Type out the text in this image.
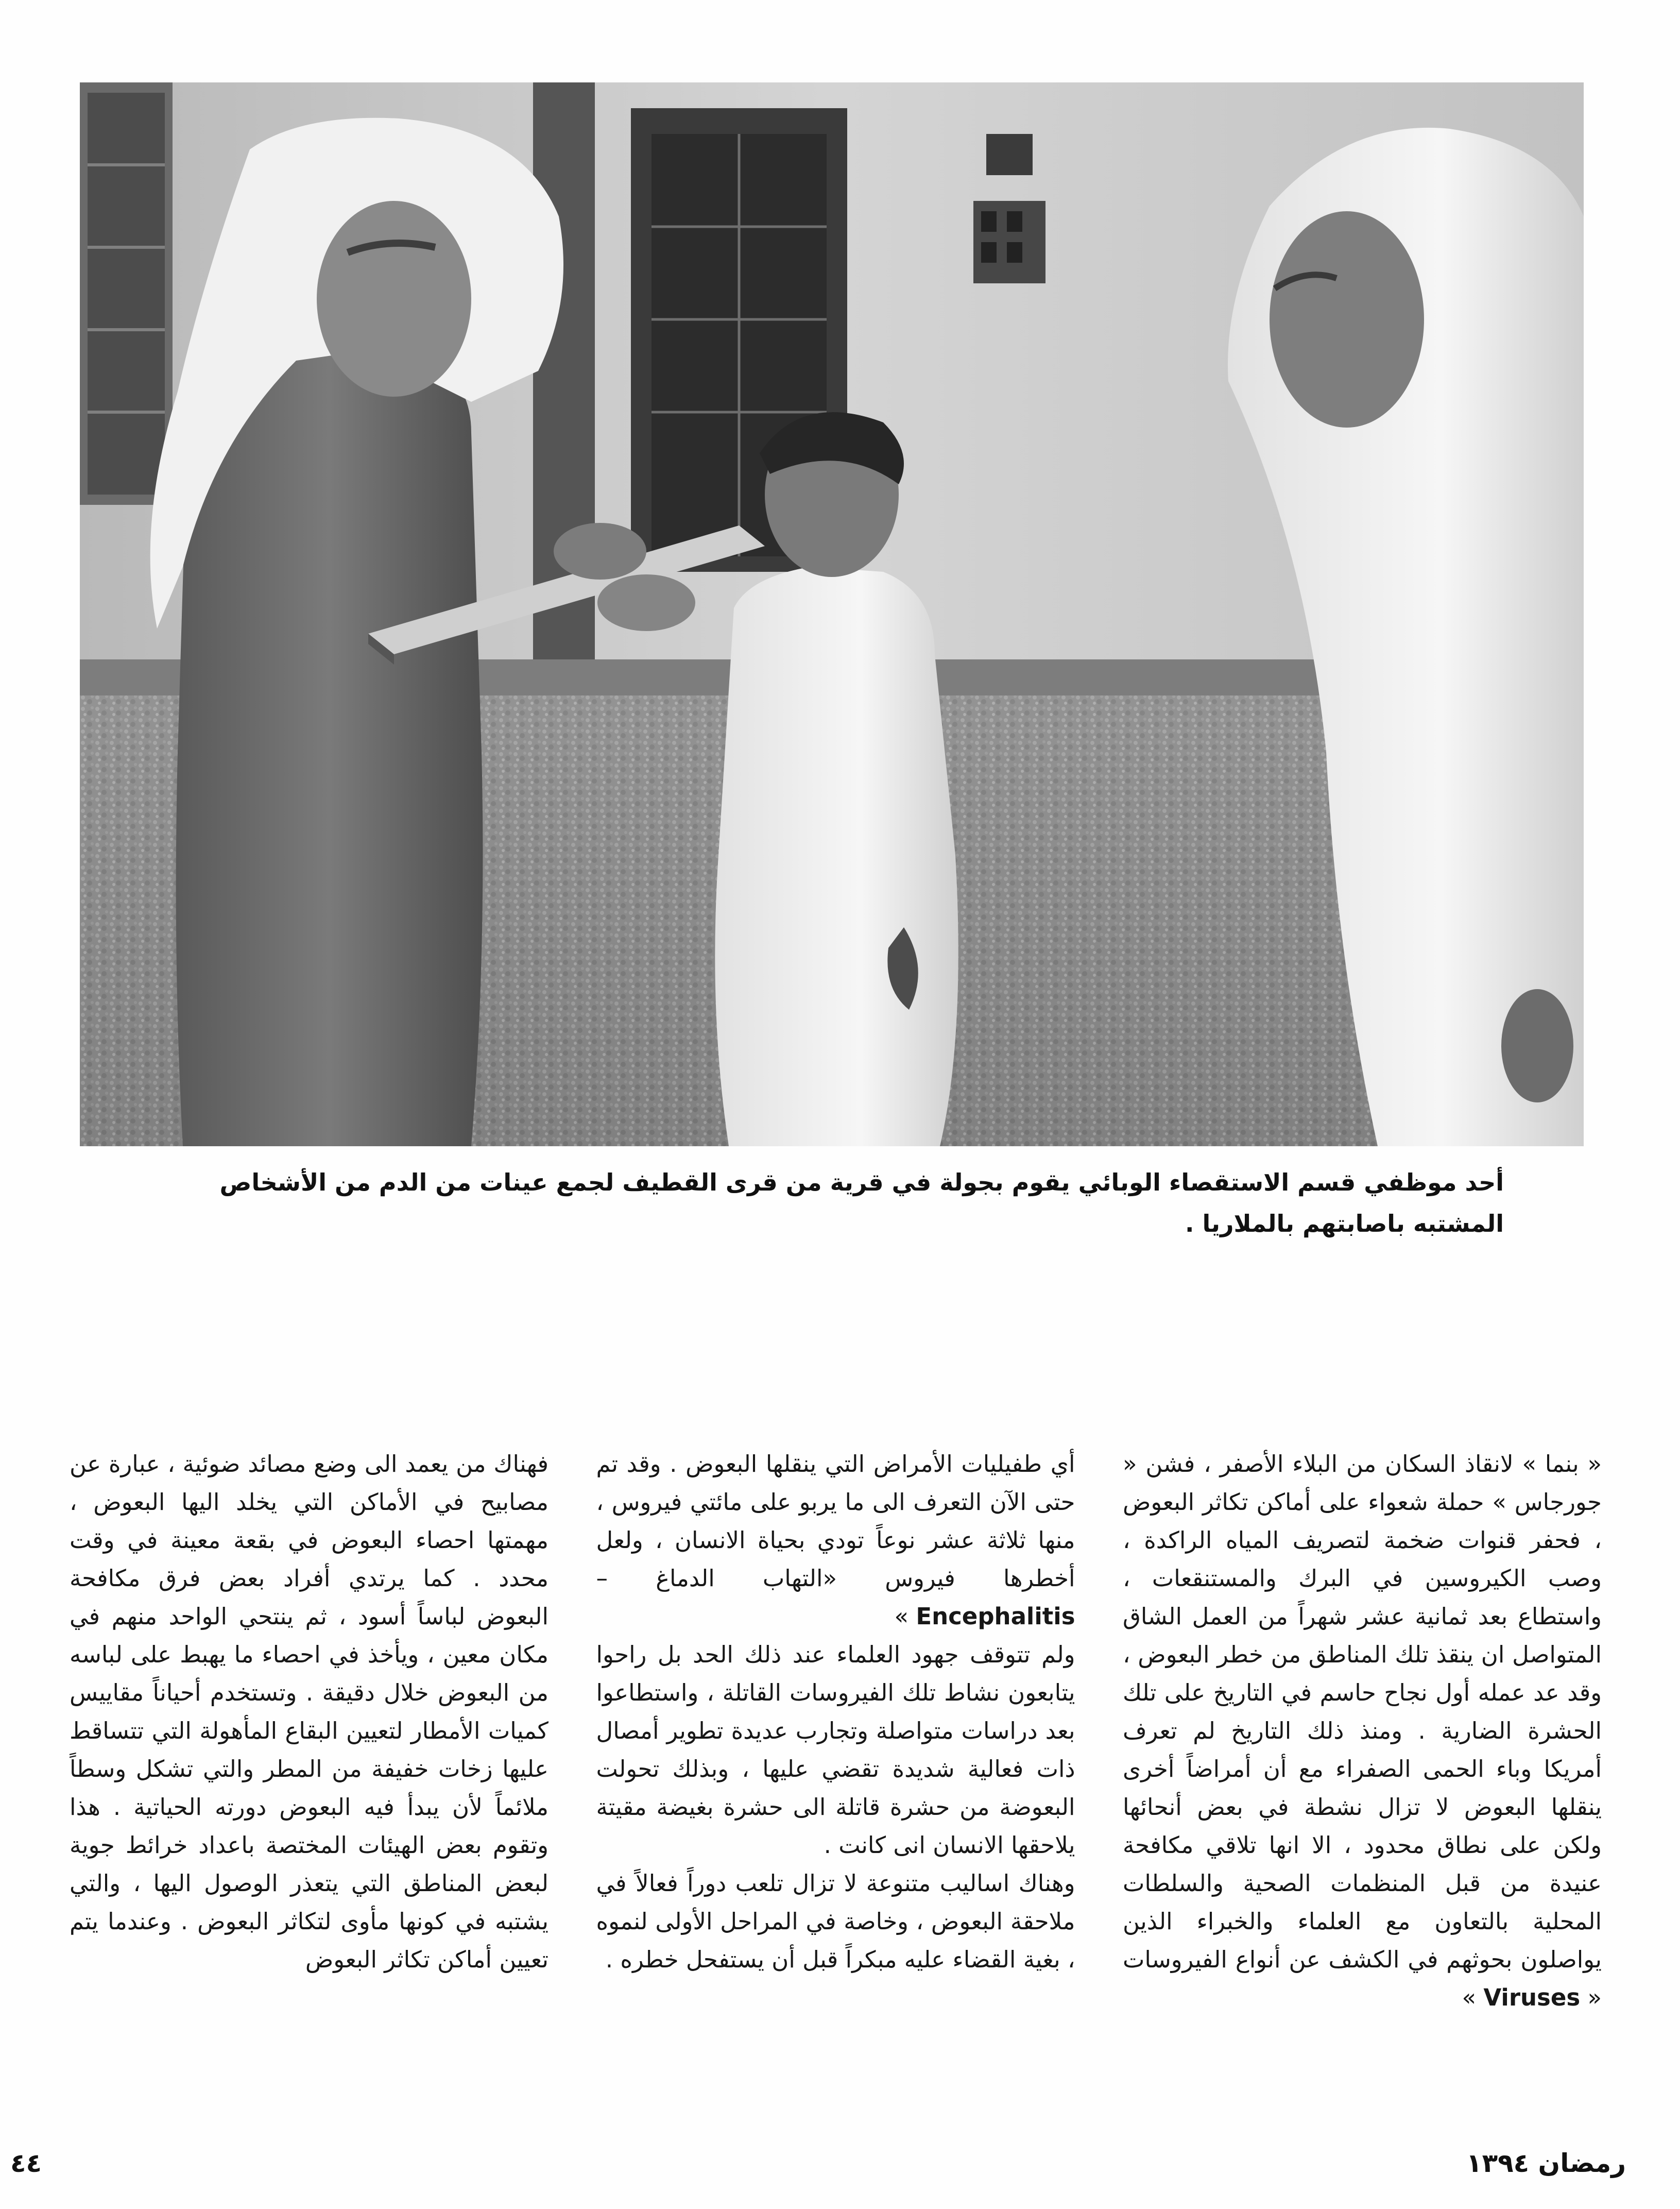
أحد موظفي قسم الاستقصاء الوبائي يقوم بجولة في قرية من قرى القطيف لجمع عينات من الدم من الأشخاص المشتبه باصابتهم بالملاريا .

« بنما » لانقاذ السكان من البلاء الأصفر ، فشن « جورجاس » حملة شعواء على أماكن تكاثر البعوض ، فحفر قنوات ضخمة لتصريف المياه الراكدة ، وصب الكيروسين في البرك والمستنقعات ، واستطاع بعد ثمانية عشر شهراً من العمل الشاق المتواصل ان ينقذ تلك المناطق من خطر البعوض ، وقد عد عمله أول نجاح حاسم في التاريخ على تلك الحشرة الضارية . ومنذ ذلك التاريخ لم تعرف أمريكا وباء الحمى الصفراء مع أن أمراضاً أخرى ينقلها البعوض لا تزال نشطة في بعض أنحائها ولكن على نطاق محدود ، الا انها تلاقي مكافحة عنيدة من قبل المنظمات الصحية والسلطات المحلية بالتعاون مع العلماء والخبراء الذين يواصلون بحوثهم في الكشف عن أنواع الفيروسات « Viruses »

أي طفيليات الأمراض التي ينقلها البعوض . وقد تم حتى الآن التعرف الى ما يربو على مائتي فيروس ، منها ثلاثة عشر نوعاً تودي بحياة الانسان ، ولعل أخطرها فيروس «التهاب الدماغ – Encephalitis »

ولم تتوقف جهود العلماء عند ذلك الحد بل راحوا يتابعون نشاط تلك الفيروسات القاتلة ، واستطاعوا بعد دراسات متواصلة وتجارب عديدة تطوير أمصال ذات فعالية شديدة تقضي عليها ، وبذلك تحولت البعوضة من حشرة قاتلة الى حشرة بغيضة مقيتة يلاحقها الانسان انى كانت .

وهناك اساليب متنوعة لا تزال تلعب دوراً فعالاً في ملاحقة البعوض ، وخاصة في المراحل الأولى لنموه ، بغية القضاء عليه مبكراً قبل أن يستفحل خطره .

فهناك من يعمد الى وضع مصائد ضوئية ، عبارة عن مصابيح في الأماكن التي يخلد اليها البعوض ، مهمتها احصاء البعوض في بقعة معينة في وقت محدد . كما يرتدي أفراد بعض فرق مكافحة البعوض لباساً أسود ، ثم ينتحي الواحد منهم في مكان معين ، ويأخذ في احصاء ما يهبط على لباسه من البعوض خلال دقيقة . وتستخدم أحياناً مقاييس كميات الأمطار لتعيين البقاع المأهولة التي تتساقط عليها زخات خفيفة من المطر والتي تشكل وسطاً ملائماً لأن يبدأ فيه البعوض دورته الحياتية . هذا وتقوم بعض الهيئات المختصة باعداد خرائط جوية لبعض المناطق التي يتعذر الوصول اليها ، والتي يشتبه في كونها مأوى لتكاثر البعوض . وعندما يتم تعيين أماكن تكاثر البعوض

٤٤	رمضان ١٣٩٤
